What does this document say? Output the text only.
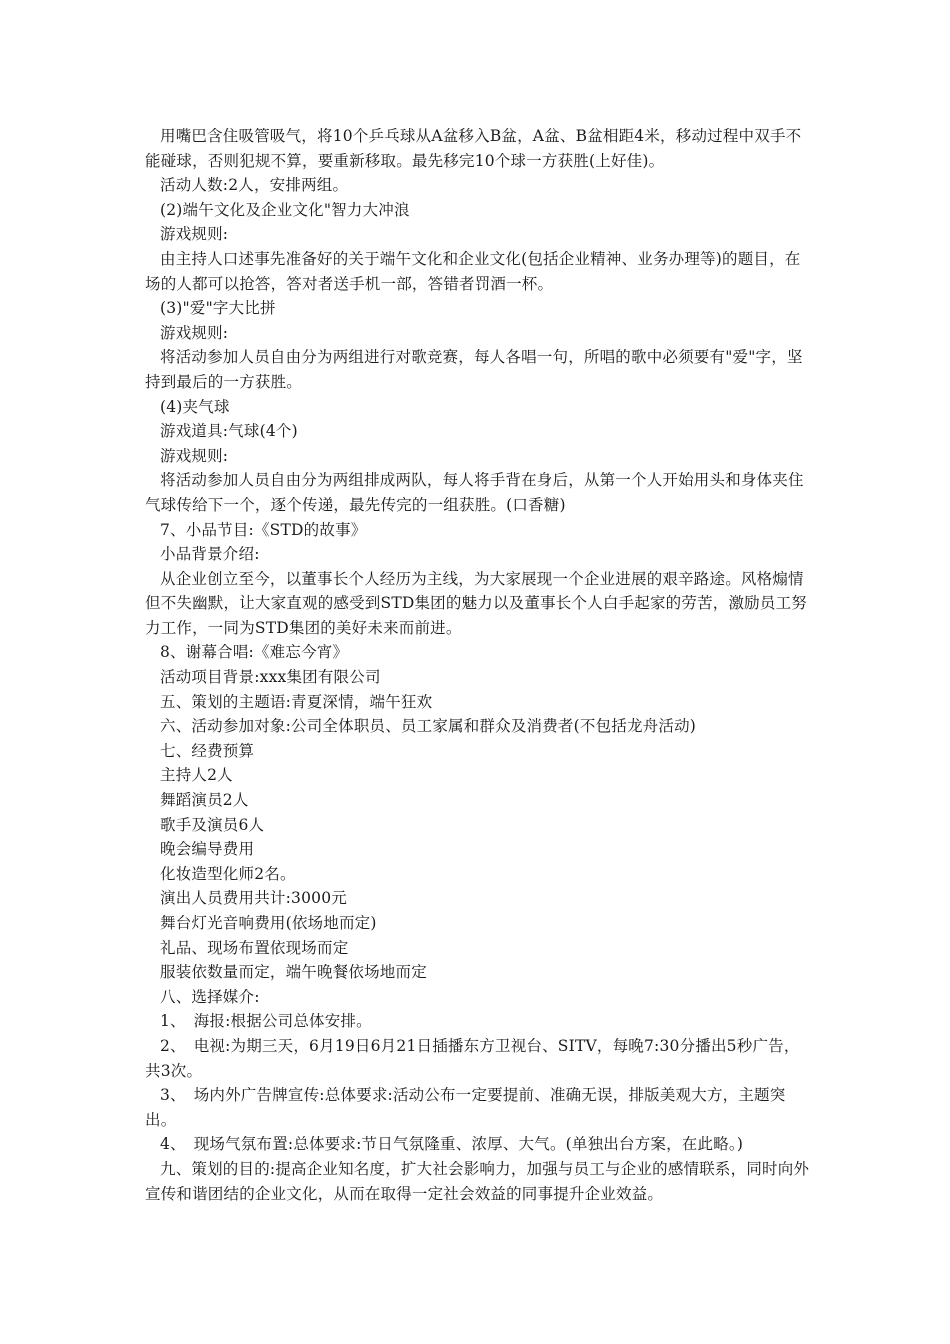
用嘴巴含住吸管吸气，将10个乒乓球从A盆移入B盆，A盆、B盆相距4米，移动过程中双手不能碰球，否则犯规不算，要重新移取。最先移完10个球一方获胜(上好佳)。

活动人数:2人，安排两组。

(2)端午文化及企业文化"智力大冲浪

游戏规则:

由主持人口述事先准备好的关于端午文化和企业文化(包括企业精神、业务办理等)的题目，在场的人都可以抢答，答对者送手机一部，答错者罚酒一杯。

(3)"爱"字大比拼

游戏规则:

将活动参加人员自由分为两组进行对歌竞赛，每人各唱一句，所唱的歌中必须要有"爱"字，坚持到最后的一方获胜。

(4)夹气球

游戏道具:气球(4个)

游戏规则:

将活动参加人员自由分为两组排成两队，每人将手背在身后，从第一个人开始用头和身体夹住气球传给下一个，逐个传递，最先传完的一组获胜。(口香糖)

7、小品节目:《STD的故事》

小品背景介绍:

从企业创立至今，以董事长个人经历为主线，为大家展现一个企业进展的艰辛路途。风格煽情但不失幽默，让大家直观的感受到STD集团的魅力以及董事长个人白手起家的劳苦，激励员工努力工作，一同为STD集团的美好未来而前进。

8、谢幕合唱:《难忘今宵》

活动项目背景:xxx集团有限公司

五、策划的主题语:青夏深情，端午狂欢

六、活动参加对象:公司全体职员、员工家属和群众及消费者(不包括龙舟活动)

七、经费预算

主持人2人

舞蹈演员2人

歌手及演员6人

晚会编导费用

化妆造型化师2名。

演出人员费用共计:3000元

舞台灯光音响费用(依场地而定)

礼品、现场布置依现场而定

服装依数量而定，端午晚餐依场地而定

八、选择媒介:

1、　海报:根据公司总体安排。

2、　电视:为期三天，6月19日6月21日插播东方卫视台、SITV，每晚7:30分播出5秒广告，共3次。

3、　场内外广告牌宣传:总体要求:活动公布一定要提前、准确无误，排版美观大方，主题突出。

4、　现场气氛布置:总体要求:节日气氛隆重、浓厚、大气。(单独出台方案，在此略。)

九、策划的目的:提高企业知名度，扩大社会影响力，加强与员工与企业的感情联系，同时向外宣传和谐团结的企业文化，从而在取得一定社会效益的同事提升企业效益。
